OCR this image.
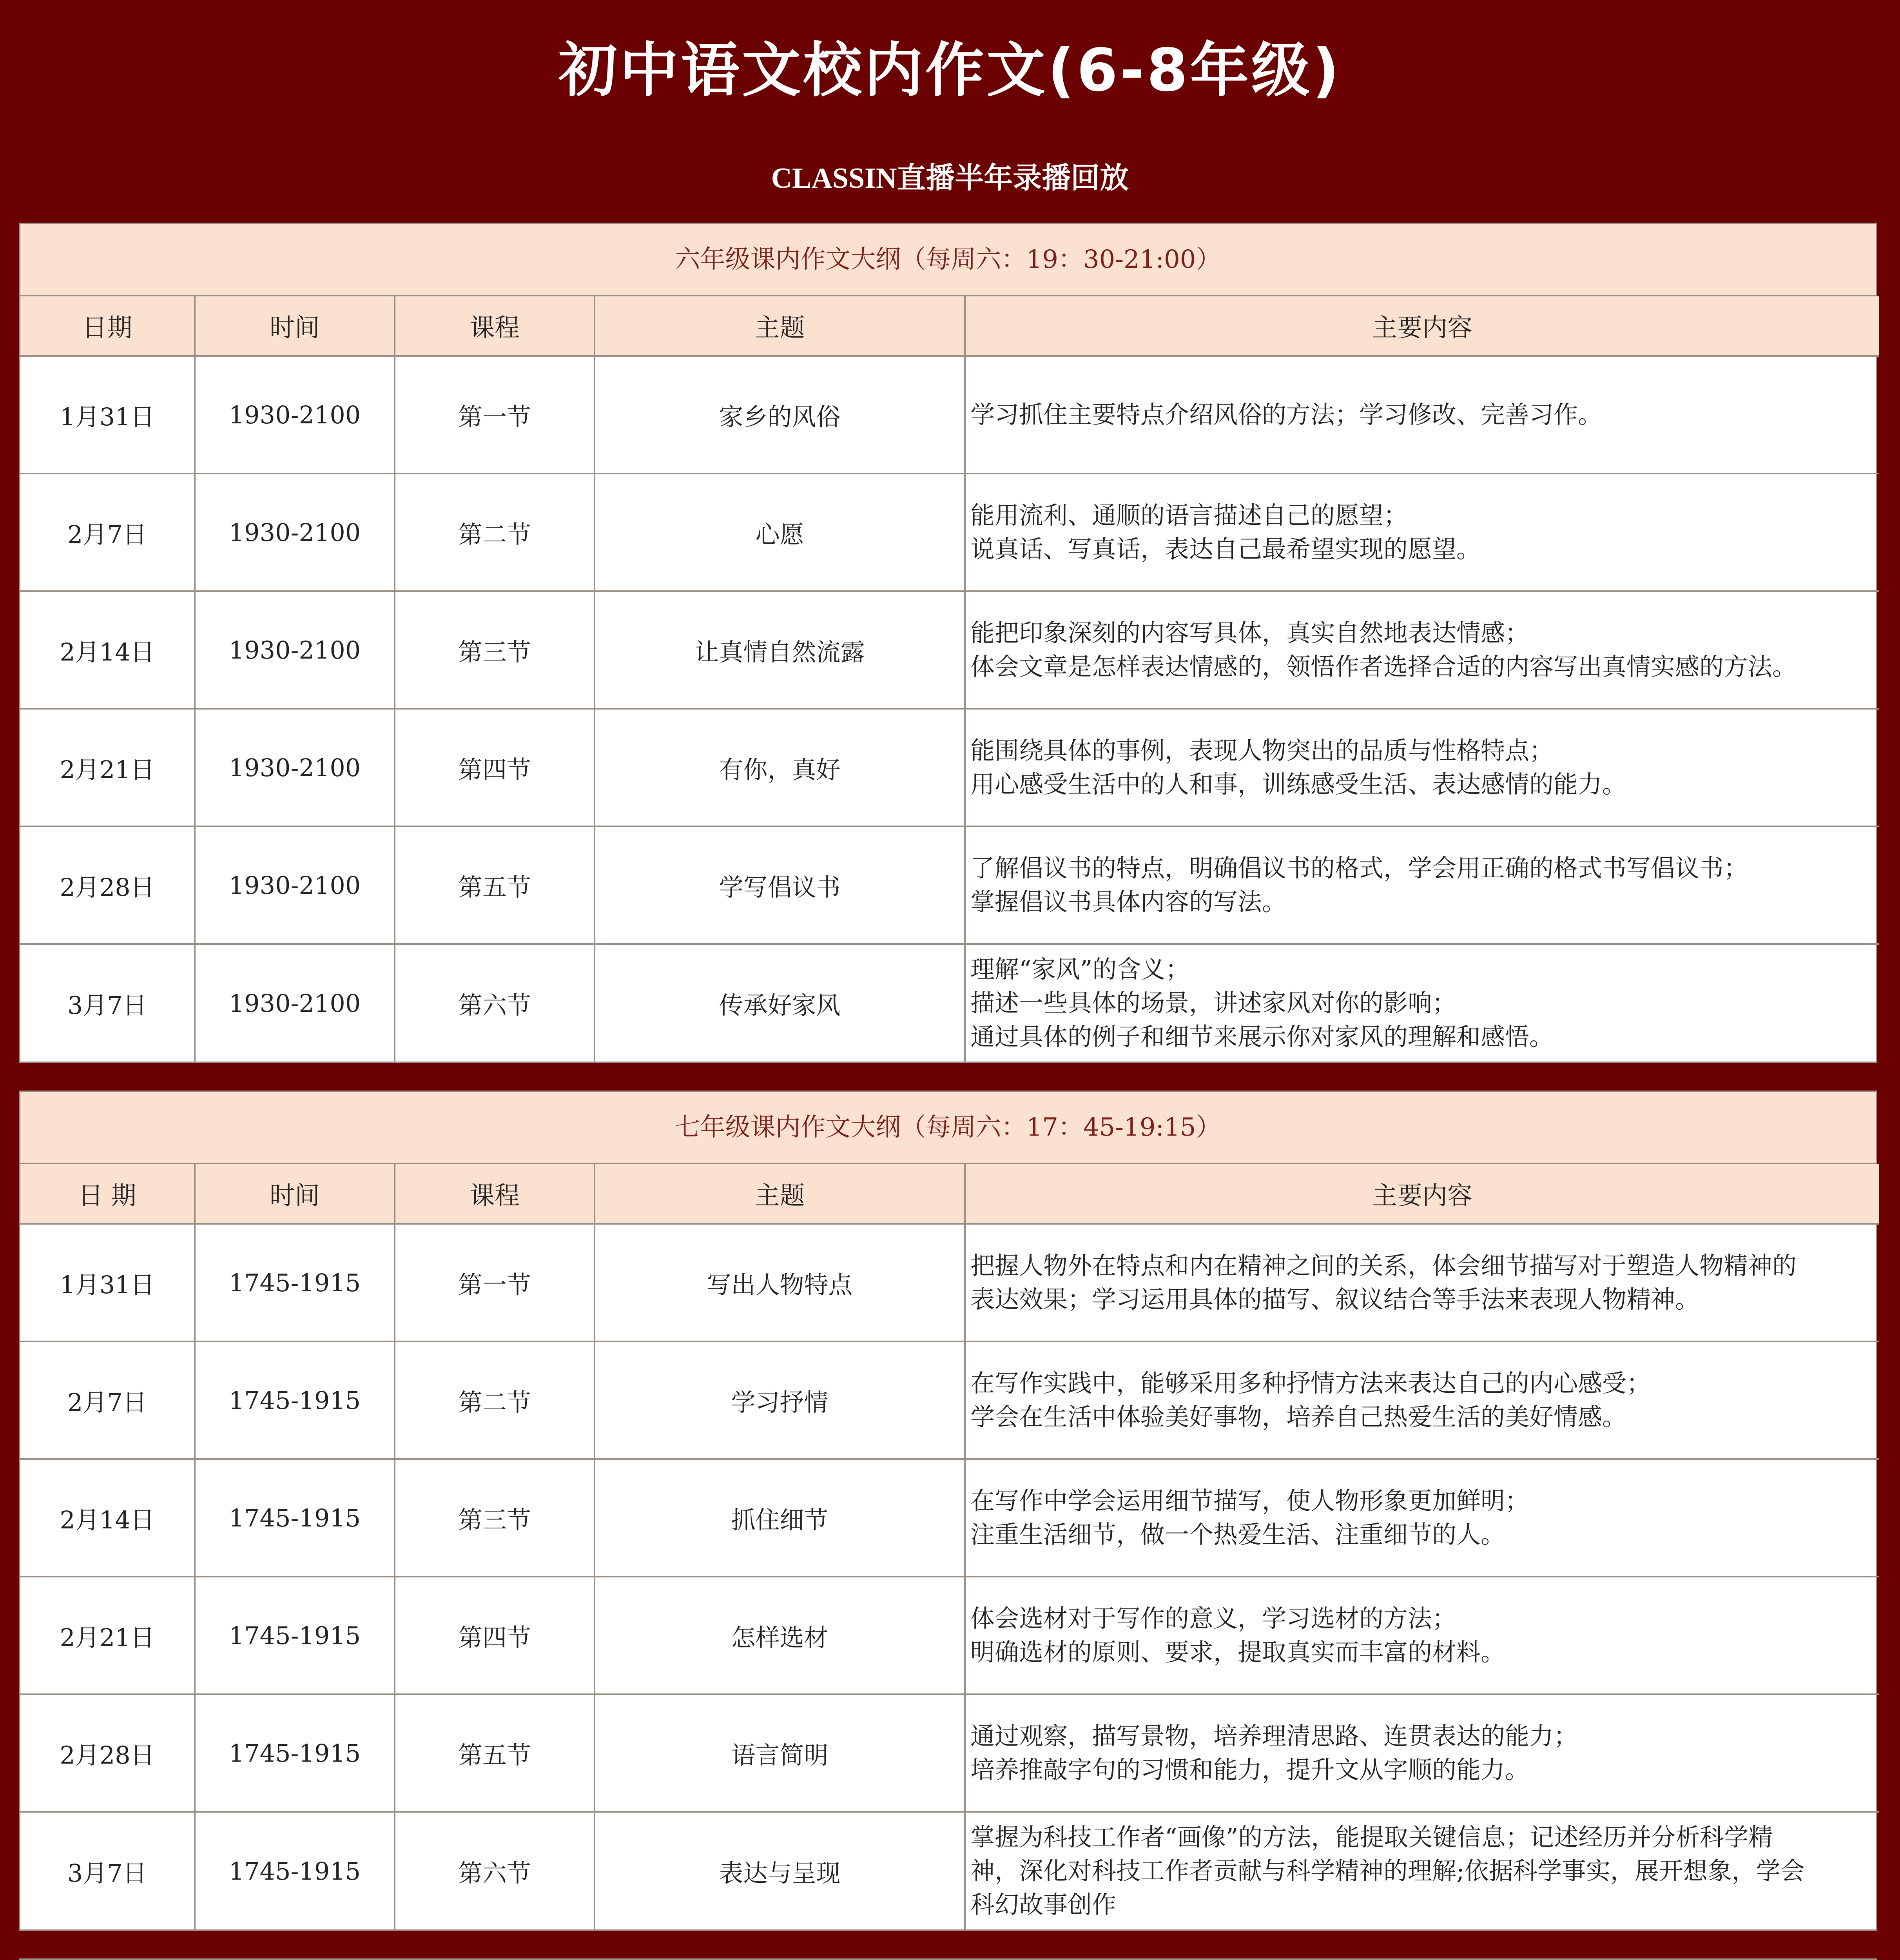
初中语文校内作文(6-8年级)
CLASSIN直播半年录播回放
六年级课内作文大纲（每周六：19：30-21:00）
日期	时间	课程	主题	主要内容
1月31日	1930-2100	第一节	家乡的风俗	学习抓住主要特点介绍风俗的方法；学习修改、完善习作。

2月7日	1930-2100	第二节	心愿	能用流利、通顺的语言描述自己的愿望；
说真话、写真话，表达自己最希望实现的愿望。

2月14日	1930-2100	第三节	让真情自然流露	能把印象深刻的内容写具体，真实自然地表达情感；
体会文章是怎样表达情感的，领悟作者选择合适的内容写出真情实感的方法。

2月21日	1930-2100	第四节	有你，真好	能围绕具体的事例，表现人物突出的品质与性格特点；
用心感受生活中的人和事，训练感受生活、表达感情的能力。

2月28日	1930-2100	第五节	学写倡议书	了解倡议书的特点，明确倡议书的格式，学会用正确的格式书写倡议书；
掌握倡议书具体内容的写法。

3月7日	1930-2100	第六节	传承好家风	理解“家风”的含义；
描述一些具体的场景，讲述家风对你的影响；
通过具体的例子和细节来展示你对家风的理解和感悟。
七年级课内作文大纲（每周六：17：45-19:15）
日 期	时间	课程	主题	主要内容
1月31日	1745-1915	第一节	写出人物特点	把握人物外在特点和内在精神之间的关系，体会细节描写对于塑造人物精神的
表达效果；学习运用具体的描写、叙议结合等手法来表现人物精神。

2月7日	1745-1915	第二节	学习抒情	在写作实践中，能够采用多种抒情方法来表达自己的内心感受；
学会在生活中体验美好事物，培养自己热爱生活的美好情感。

2月14日	1745-1915	第三节	抓住细节	在写作中学会运用细节描写，使人物形象更加鲜明；
注重生活细节，做一个热爱生活、注重细节的人。

2月21日	1745-1915	第四节	怎样选材	体会选材对于写作的意义，学习选材的方法；
明确选材的原则、要求，提取真实而丰富的材料。

2月28日	1745-1915	第五节	语言简明	通过观察，描写景物，培养理清思路、连贯表达的能力；
培养推敲字句的习惯和能力，提升文从字顺的能力。

3月7日	1745-1915	第六节	表达与呈现	掌握为科技工作者“画像”的方法，能提取关键信息；记述经历并分析科学精
神，深化对科技工作者贡献与科学精神的理解;依据科学事实，展开想象，学会
科幻故事创作
